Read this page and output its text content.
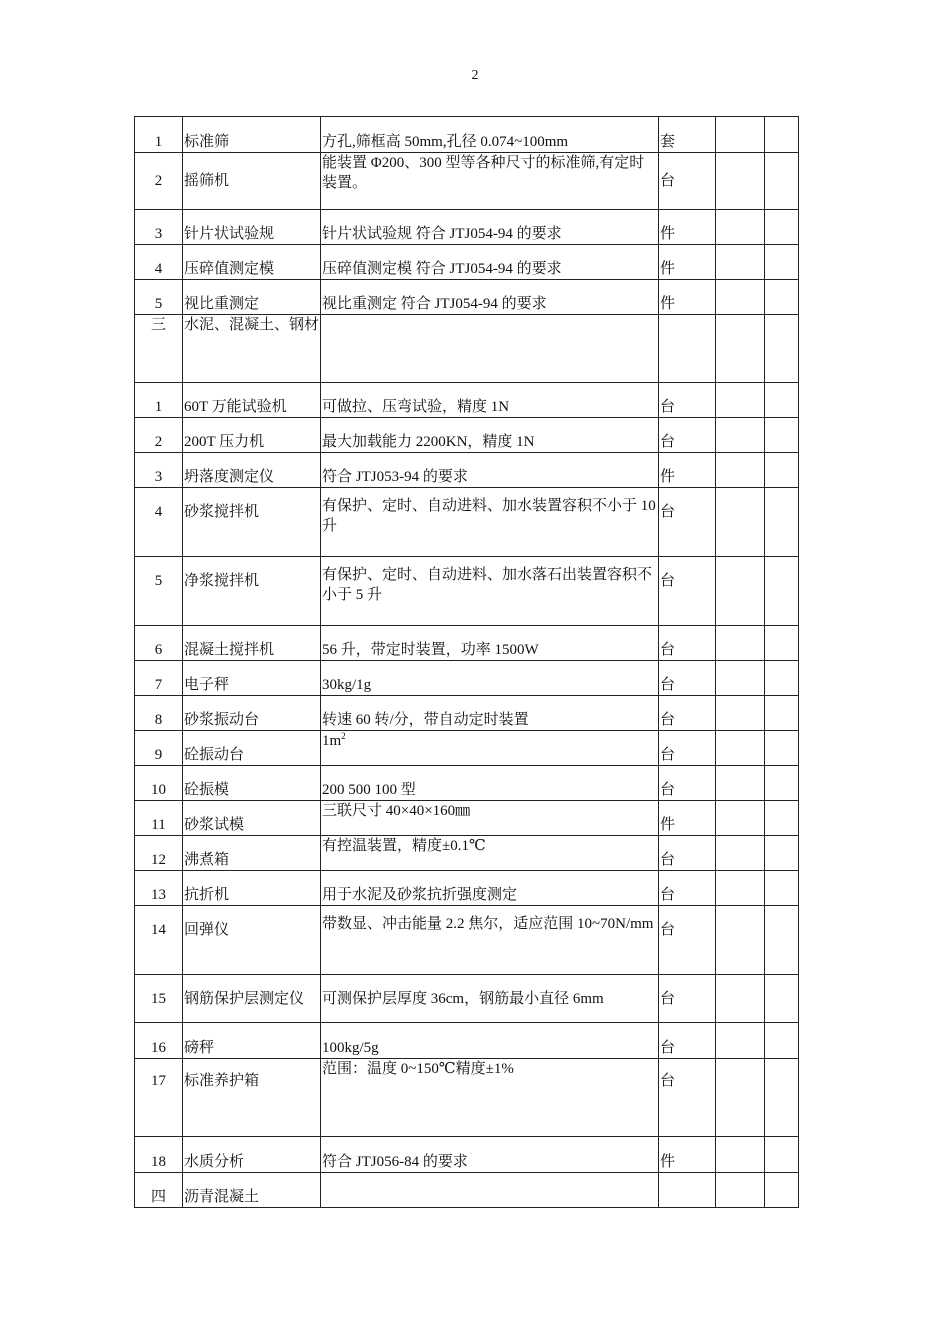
2
1	标准筛	方孔,筛框高 50mm,孔径 0.074~100mm	套		
2	摇筛机	能装置 Φ200、300 型等各种尺寸的标准筛,有定时装置。	台		
3	针片状试验规	针片状试验规 符合 JTJ054-94 的要求	件		
4	压碎值测定模	压碎值测定模 符合 JTJ054-94 的要求	件		
5	视比重测定	视比重测定 符合 JTJ054-94 的要求	件		
三	水泥、混凝土、钢材				
1	60T 万能试验机	可做拉、压弯试验，精度 1N	台		
2	200T 压力机	最大加载能力 2200KN，精度 1N	台		
3	坍落度测定仪	符合 JTJ053-94 的要求	件		
4	砂浆搅拌机	有保护、定时、自动进料、加水装置容积不小于 10 升	台		
5	净浆搅拌机	有保护、定时、自动进料、加水落石出装置容积不小于 5 升	台		
6	混凝土搅拌机	56 升，带定时装置，功率 1500W	台		
7	电子秤	30kg/1g	台		
8	砂浆振动台	转速 60 转/分，带自动定时装置	台		
9	砼振动台	$1m^2$	台		
10	砼振模	200 500 100 型	台		
11	砂浆试模	三联尺寸 40×40×160㎜	件		
12	沸煮箱	有控温装置，精度±0.1℃	台		
13	抗折机	用于水泥及砂浆抗折强度测定	台		
14	回弹仪	带数显、冲击能量 2.2 焦尔，适应范围 10~70N/mm	台		
15	钢筋保护层测定仪	可测保护层厚度 36cm，钢筋最小直径 6mm	台		
16	磅秤	100kg/5g	台		
17	标准养护箱	范围：温度 0~150℃精度±1%	台		
18	水质分析	符合 JTJ056-84 的要求	件		
四	沥青混凝土				
